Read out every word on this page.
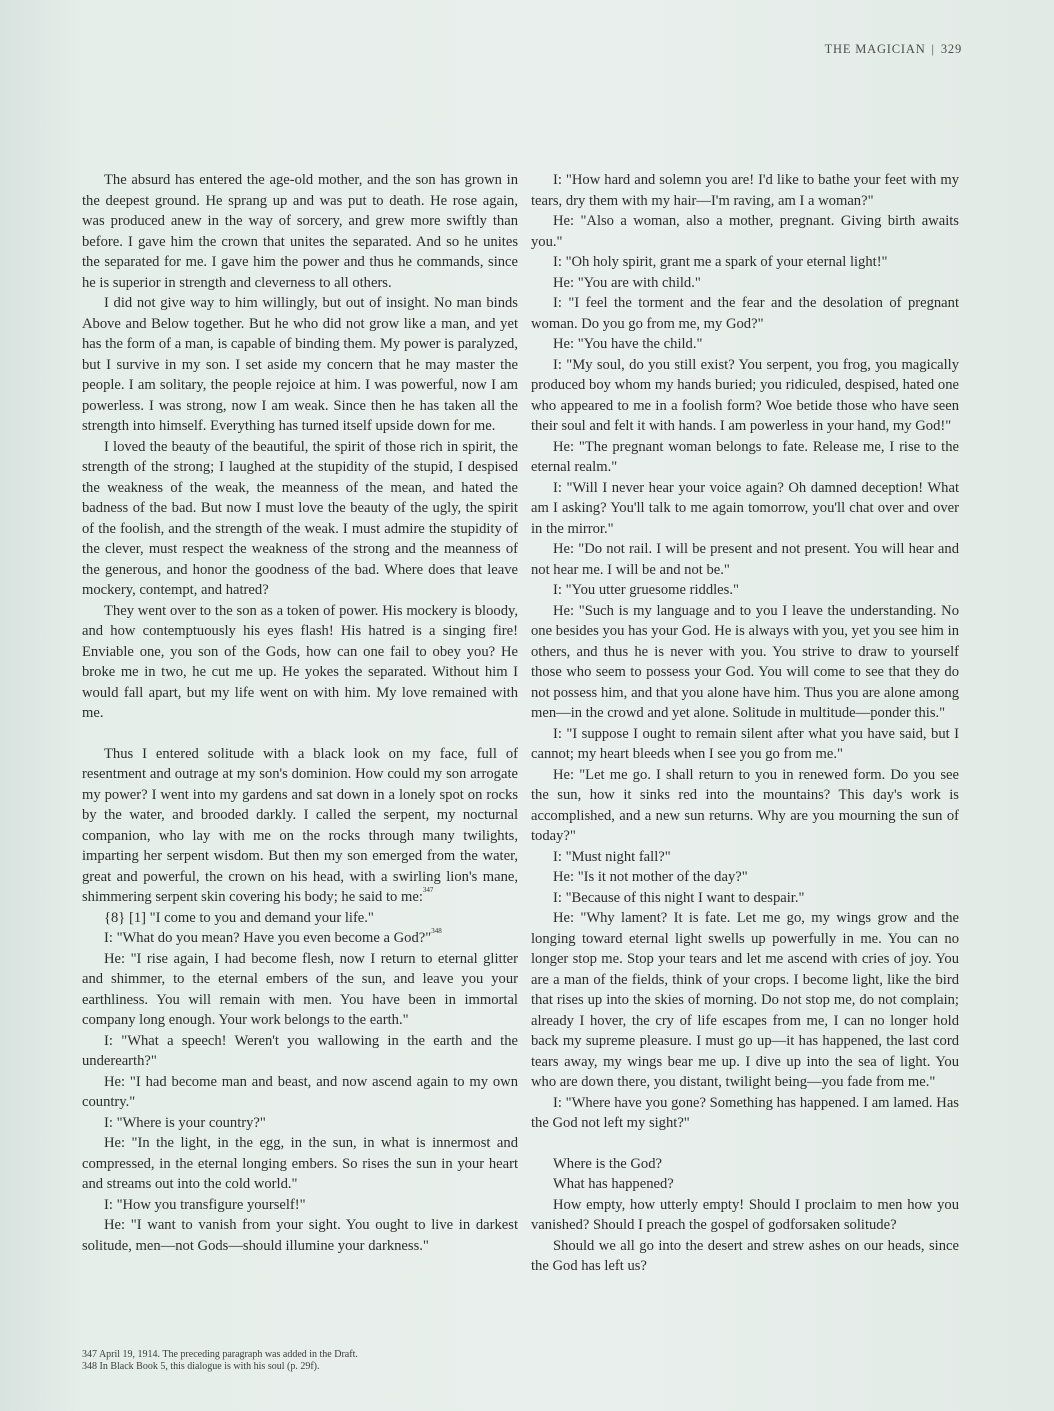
THE MAGICIAN | 329

The absurd has entered the age-old mother, and the son has grown in the deepest ground. He sprang up and was put to death. He rose again, was produced anew in the way of sorcery, and grew more swiftly than before. I gave him the crown that unites the separated. And so he unites the separated for me. I gave him the power and thus he commands, since he is superior in strength and cleverness to all others.

I did not give way to him willingly, but out of insight. No man binds Above and Below together. But he who did not grow like a man, and yet has the form of a man, is capable of binding them. My power is paralyzed, but I survive in my son. I set aside my concern that he may master the people. I am solitary, the people rejoice at him. I was powerful, now I am powerless. I was strong, now I am weak. Since then he has taken all the strength into himself. Everything has turned itself upside down for me.

I loved the beauty of the beautiful, the spirit of those rich in spirit, the strength of the strong; I laughed at the stupidity of the stupid, I despised the weakness of the weak, the meanness of the mean, and hated the badness of the bad. But now I must love the beauty of the ugly, the spirit of the foolish, and the strength of the weak. I must admire the stupidity of the clever, must respect the weakness of the strong and the meanness of the generous, and honor the goodness of the bad. Where does that leave mockery, contempt, and hatred?

They went over to the son as a token of power. His mockery is bloody, and how contemptuously his eyes flash! His hatred is a singing fire! Enviable one, you son of the Gods, how can one fail to obey you? He broke me in two, he cut me up. He yokes the separated. Without him I would fall apart, but my life went on with him. My love remained with me.

Thus I entered solitude with a black look on my face, full of resentment and outrage at my son's dominion. How could my son arrogate my power? I went into my gardens and sat down in a lonely spot on rocks by the water, and brooded darkly. I called the serpent, my nocturnal companion, who lay with me on the rocks through many twilights, imparting her serpent wisdom. But then my son emerged from the water, great and powerful, the crown on his head, with a swirling lion's mane, shimmering serpent skin covering his body; he said to me:$^{347}$

{8} [1] "I come to you and demand your life."

I: "What do you mean? Have you even become a God?"$^{348}$

He: "I rise again, I had become flesh, now I return to eternal glitter and shimmer, to the eternal embers of the sun, and leave you your earthliness. You will remain with men. You have been in immortal company long enough. Your work belongs to the earth."

I: "What a speech! Weren't you wallowing in the earth and the underearth?"

He: "I had become man and beast, and now ascend again to my own country."

I: "Where is your country?"

He: "In the light, in the egg, in the sun, in what is innermost and compressed, in the eternal longing embers. So rises the sun in your heart and streams out into the cold world."

I: "How you transfigure yourself!"

He: "I want to vanish from your sight. You ought to live in darkest solitude, men—not Gods—should illumine your darkness."

I: "How hard and solemn you are! I'd like to bathe your feet with my tears, dry them with my hair—I'm raving, am I a woman?"

He: "Also a woman, also a mother, pregnant. Giving birth awaits you."

I: "Oh holy spirit, grant me a spark of your eternal light!"

He: "You are with child."

I: "I feel the torment and the fear and the desolation of pregnant woman. Do you go from me, my God?"

He: "You have the child."

I: "My soul, do you still exist? You serpent, you frog, you magically produced boy whom my hands buried; you ridiculed, despised, hated one who appeared to me in a foolish form? Woe betide those who have seen their soul and felt it with hands. I am powerless in your hand, my God!"

He: "The pregnant woman belongs to fate. Release me, I rise to the eternal realm."

I: "Will I never hear your voice again? Oh damned deception! What am I asking? You'll talk to me again tomorrow, you'll chat over and over in the mirror."

He: "Do not rail. I will be present and not present. You will hear and not hear me. I will be and not be."

I: "You utter gruesome riddles."

He: "Such is my language and to you I leave the understanding. No one besides you has your God. He is always with you, yet you see him in others, and thus he is never with you. You strive to draw to yourself those who seem to possess your God. You will come to see that they do not possess him, and that you alone have him. Thus you are alone among men—in the crowd and yet alone. Solitude in multitude—ponder this."

I: "I suppose I ought to remain silent after what you have said, but I cannot; my heart bleeds when I see you go from me."

He: "Let me go. I shall return to you in renewed form. Do you see the sun, how it sinks red into the mountains? This day's work is accomplished, and a new sun returns. Why are you mourning the sun of today?"

I: "Must night fall?"

He: "Is it not mother of the day?"

I: "Because of this night I want to despair."

He: "Why lament? It is fate. Let me go, my wings grow and the longing toward eternal light swells up powerfully in me. You can no longer stop me. Stop your tears and let me ascend with cries of joy. You are a man of the fields, think of your crops. I become light, like the bird that rises up into the skies of morning. Do not stop me, do not complain; already I hover, the cry of life escapes from me, I can no longer hold back my supreme pleasure. I must go up—it has happened, the last cord tears away, my wings bear me up. I dive up into the sea of light. You who are down there, you distant, twilight being—you fade from me."

I: "Where have you gone? Something has happened. I am lamed. Has the God not left my sight?"

Where is the God?

What has happened?

How empty, how utterly empty! Should I proclaim to men how you vanished? Should I preach the gospel of godforsaken solitude?

Should we all go into the desert and strew ashes on our heads, since the God has left us?

347 April 19, 1914. The preceding paragraph was added in the Draft.
348 In Black Book 5, this dialogue is with his soul (p. 29f).
